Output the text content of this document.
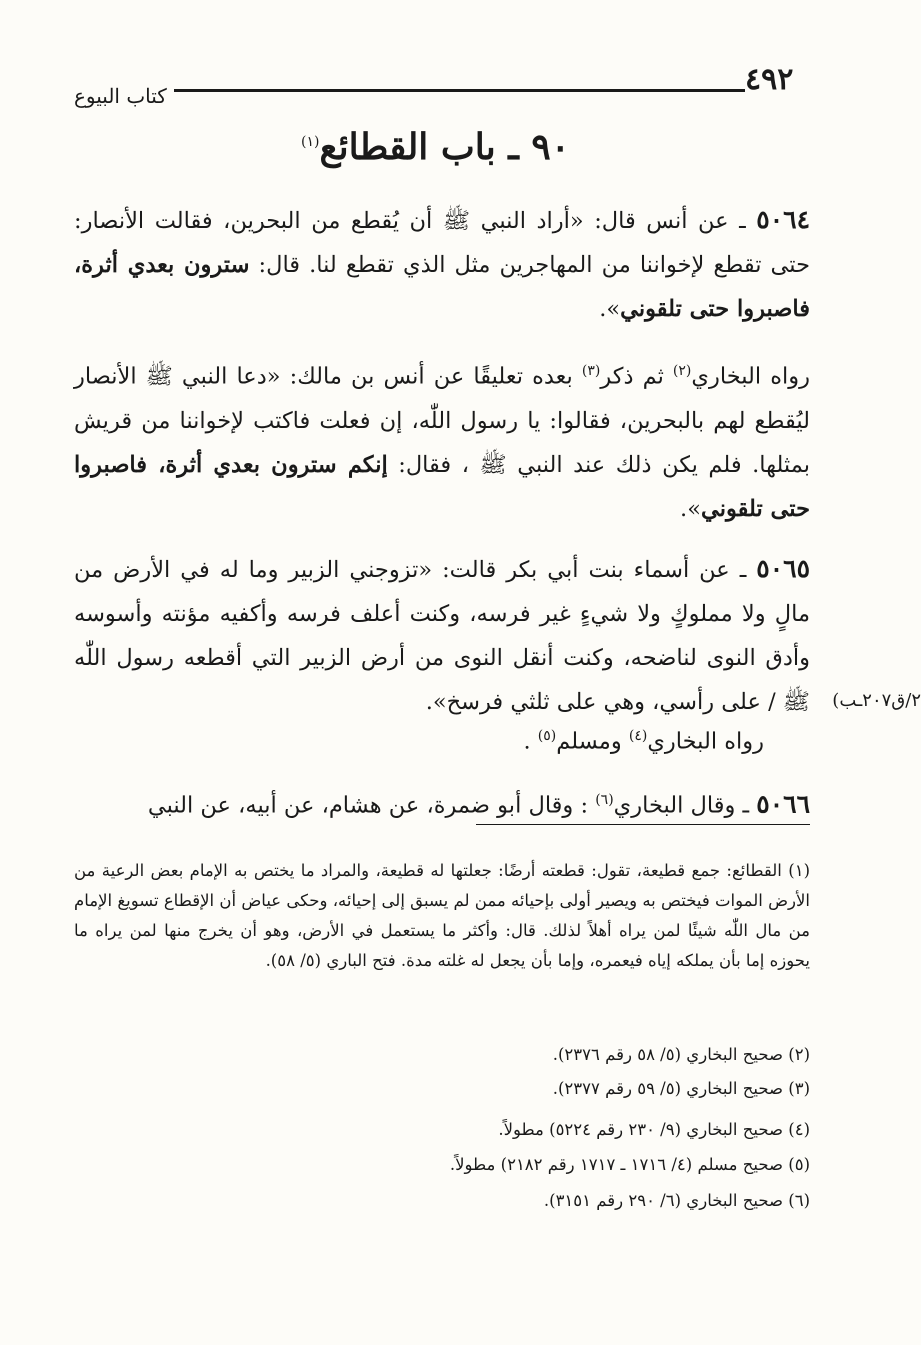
٤٩٢
كتاب البيوع
٩٠ ـ باب القطائع$^{(١)}$

٥٠٦٤ ـ عن أنس قال: «أراد النبي ﷺ أن يُقطع من البحرين، فقالت الأنصار: حتى تقطع لإخواننا من المهاجرين مثل الذي تقطع لنا. قال: سترون بعدي أثرة، فاصبروا حتى تلقوني».

رواه البخاري$^{(٢)}$ ثم ذكر$^{(٣)}$ بعده تعليقًا عن أنس بن مالك: «دعا النبي ﷺ الأنصار ليُقطع لهم بالبحرين، فقالوا: يا رسول اللّٰه، إن فعلت فاكتب لإخواننا من قريش بمثلها. فلم يكن ذلك عند النبي ﷺ ، فقال: إنكم سترون بعدي أثرة، فاصبروا حتى تلقوني».

٥٠٦٥ ـ عن أسماء بنت أبي بكر قالت: «تزوجني الزبير وما له في الأرض من مالٍ ولا مملوكٍ ولا شيءٍ غير فرسه، وكنت أعلف فرسه وأكفيه مؤنته وأسوسه وأدق النوى لناضحه، وكنت أنقل النوى من أرض الزبير التي أقطعه رسول اللّٰه ﷺ / على رأسي، وهي على ثلثي فرسخ».	٢/ق٢٠٧ـب)

رواه البخاري$^{(٤)}$ ومسلم$^{(٥)}$ .

٥٠٦٦ ـ وقال البخاري$^{(٦)}$ : وقال أبو ضمرة، عن هشام، عن أبيه، عن النبي

(١) القطائع: جمع قطيعة، تقول: قطعته أرضًا: جعلتها له قطيعة، والمراد ما يختص به الإمام بعض الرعية من الأرض الموات فيختص به ويصير أولى بإحيائه ممن لم يسبق إلى إحيائه، وحكى عياض أن الإقطاع تسويغ الإمام من مال اللّٰه شيئًا لمن يراه أهلاً لذلك. قال: وأكثر ما يستعمل في الأرض، وهو أن يخرج منها لمن يراه ما يحوزه إما بأن يملكه إياه فيعمره، وإما بأن يجعل له غلته مدة. فتح الباري (٥/ ٥٨).

(٢) صحيح البخاري (٥/ ٥٨ رقم ٢٣٧٦).

(٣) صحيح البخاري (٥/ ٥٩ رقم ٢٣٧٧).

(٤) صحيح البخاري (٩/ ٢٣٠ رقم ٥٢٢٤) مطولاً.

(٥) صحيح مسلم (٤/ ١٧١٦ ـ ١٧١٧ رقم ٢١٨٢) مطولاً.

(٦) صحيح البخاري (٦/ ٢٩٠ رقم ٣١٥١).
